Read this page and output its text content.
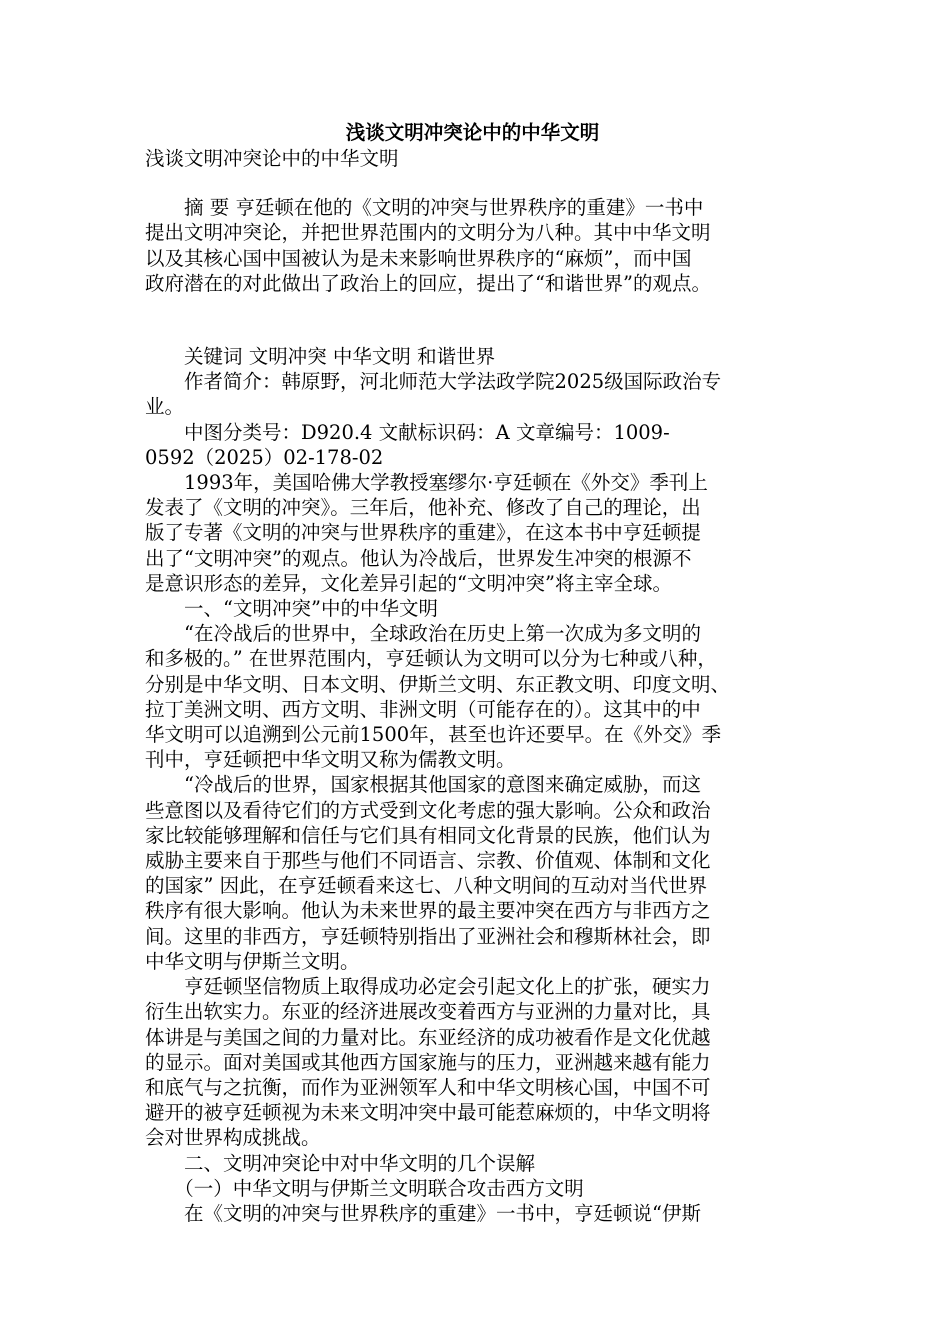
浅谈文明冲突论中的中华文明

浅谈文明冲突论中的中华文明

　　摘 要 亨廷顿在他的《文明的冲突与世界秩序的重建》一书中

提出文明冲突论，并把世界范围内的文明分为八种。其中中华文明

以及其核心国中国被认为是未来影响世界秩序的“麻烦”，而中国

政府潜在的对此做出了政治上的回应，提出了“和谐世界”的观点。

　　关键词 文明冲突 中华文明 和谐世界

　　作者简介：韩原野，河北师范大学法政学院2025级国际政治专

业。

　　中图分类号：D920.4 文献标识码：A 文章编号：1009-

0592（2025）02-178-02

　　1993年，美国哈佛大学教授塞缪尔·亨廷顿在《外交》季刊上

发表了《文明的冲突》。三年后，他补充、修改了自己的理论，出

版了专著《文明的冲突与世界秩序的重建》，在这本书中亨廷顿提

出了“文明冲突”的观点。他认为冷战后，世界发生冲突的根源不

是意识形态的差异，文化差异引起的“文明冲突”将主宰全球。

　　一、“文明冲突”中的中华文明

　　“在冷战后的世界中，全球政治在历史上第一次成为多文明的

和多极的。” 在世界范围内，亨廷顿认为文明可以分为七种或八种，

分别是中华文明、日本文明、伊斯兰文明、东正教文明、印度文明、

拉丁美洲文明、西方文明、非洲文明（可能存在的）。这其中的中

华文明可以追溯到公元前1500年，甚至也许还要早。在《外交》季

刊中，亨廷顿把中华文明又称为儒教文明。

　　“冷战后的世界，国家根据其他国家的意图来确定威胁，而这

些意图以及看待它们的方式受到文化考虑的强大影响。公众和政治

家比较能够理解和信任与它们具有相同文化背景的民族，他们认为

威胁主要来自于那些与他们不同语言、宗教、价值观、体制和文化

的国家” 因此，在亨廷顿看来这七、八种文明间的互动对当代世界

秩序有很大影响。他认为未来世界的最主要冲突在西方与非西方之

间。这里的非西方，亨廷顿特别指出了亚洲社会和穆斯林社会，即

中华文明与伊斯兰文明。

　　亨廷顿坚信物质上取得成功必定会引起文化上的扩张，硬实力

衍生出软实力。东亚的经济进展改变着西方与亚洲的力量对比，具

体讲是与美国之间的力量对比。东亚经济的成功被看作是文化优越

的显示。面对美国或其他西方国家施与的压力，亚洲越来越有能力

和底气与之抗衡，而作为亚洲领军人和中华文明核心国，中国不可

避开的被亨廷顿视为未来文明冲突中最可能惹麻烦的，中华文明将

会对世界构成挑战。

　　二、文明冲突论中对中华文明的几个误解

　　（一）中华文明与伊斯兰文明联合攻击西方文明

　　在《文明的冲突与世界秩序的重建》一书中，亨廷顿说“伊斯
